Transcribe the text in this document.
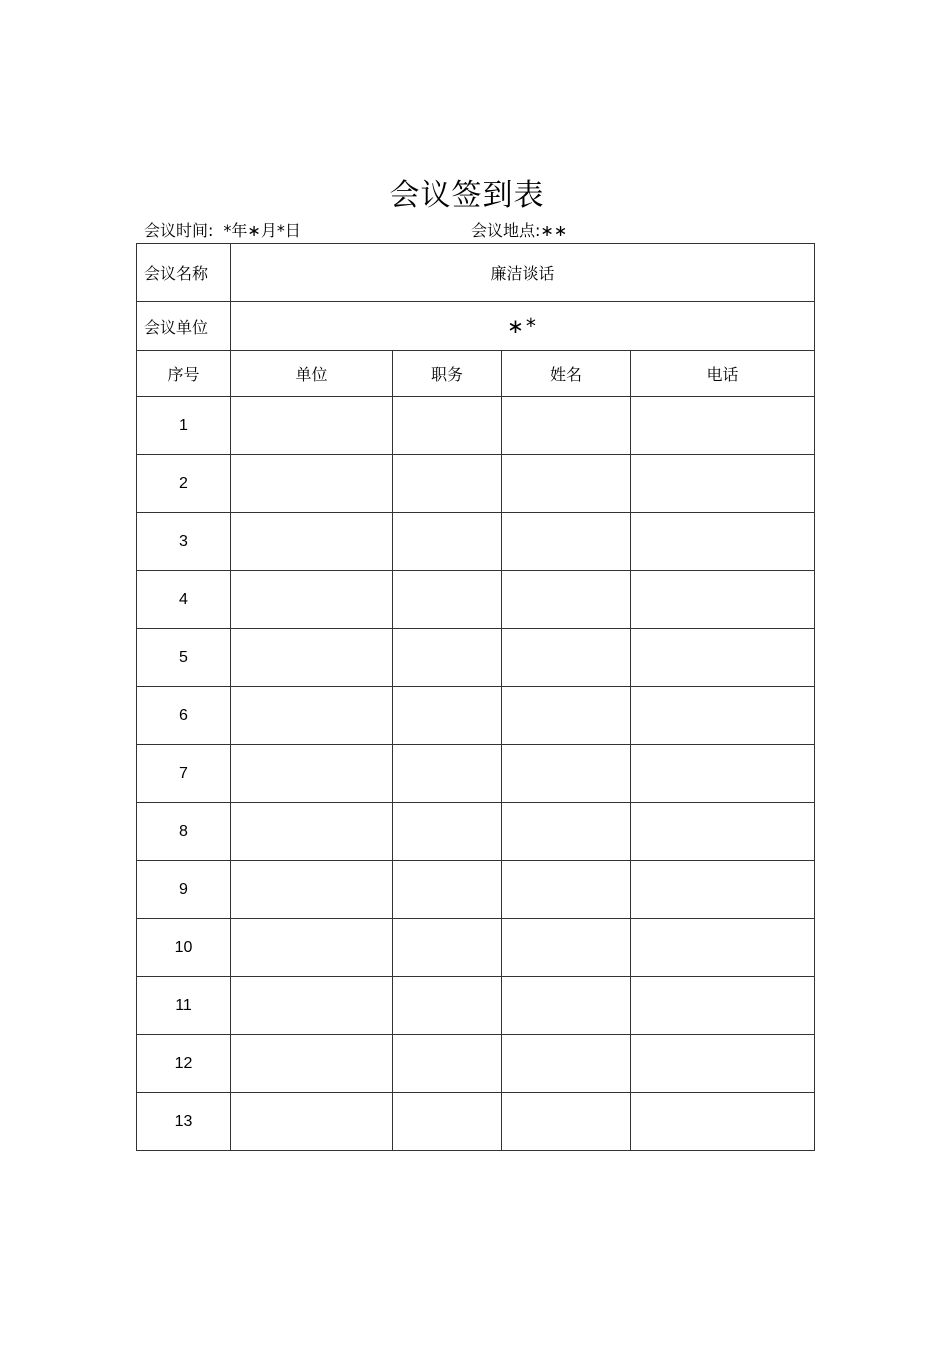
会议签到表
会议时间: *年∗月*日	会议地点:∗∗
会议名称	廉洁谈话			
会议单位	∗*			
序号	单位	职务	姓名	电话
1				
2				
3				
4				
5				
6				
7				
8				
9				
10				
11				
12				
13				
